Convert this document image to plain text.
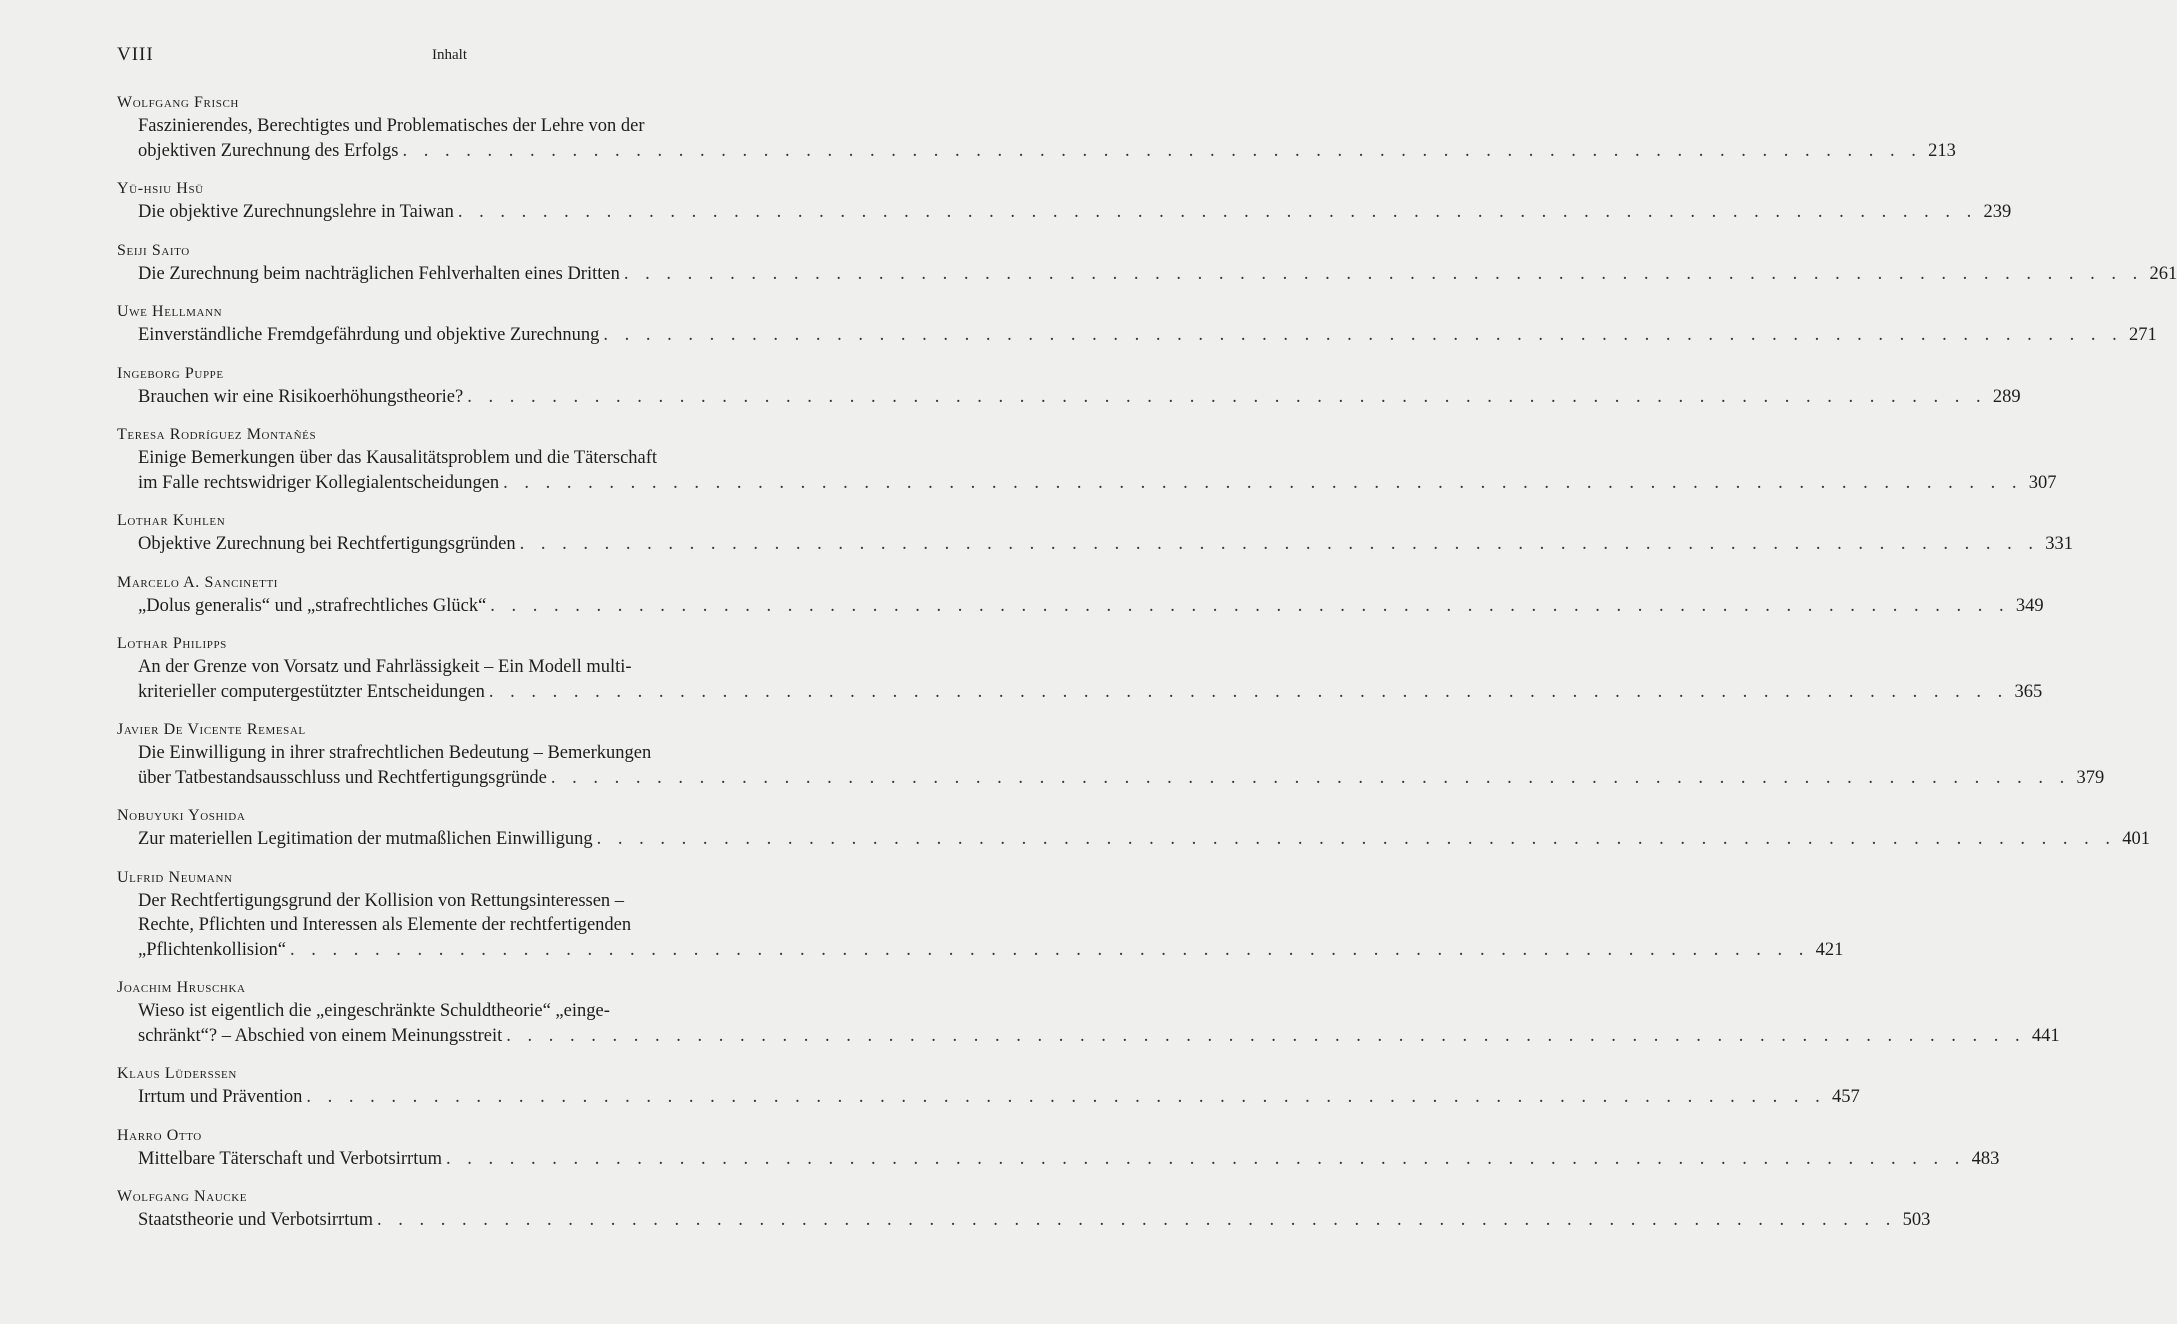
VIII	Inhalt
Wolfgang Frisch
Faszinierendes, Berechtigtes und Problematisches der Lehre von der
objektiven Zurechnung des Erfolgs . . . . . . . . . . . . . . . . . . . . . . . . . . . . . . . . . . . . . . . . . . . . . . . . . . . . . . . . . . . . . . . . . . . . . . . . 213
Yü-hsiu Hsü
Die objektive Zurechnungslehre in Taiwan . . . . . . . . . . . . . . . . . . . . . . . . . . . . . . . . . . . . . . . . . . . . . . . . . . . . . . . . . . . . . . . . . . . . . . . . 239
Seiji Saito
Die Zurechnung beim nachträglichen Fehlverhalten eines Dritten . . . . . . . . . . . . . . . . . . . . . . . . . . . . . . . . . . . . . . . . . . . . . . . . . . . . . . . . . . . . . . . . . . . . . . . . 261
Uwe Hellmann
Einverständliche Fremdgefährdung und objektive Zurechnung . . . . . . . . . . . . . . . . . . . . . . . . . . . . . . . . . . . . . . . . . . . . . . . . . . . . . . . . . . . . . . . . . . . . . . . . 271
Ingeborg Puppe
Brauchen wir eine Risikoerhöhungstheorie? . . . . . . . . . . . . . . . . . . . . . . . . . . . . . . . . . . . . . . . . . . . . . . . . . . . . . . . . . . . . . . . . . . . . . . . . 289
Teresa Rodríguez Montañés
Einige Bemerkungen über das Kausalitätsproblem und die Täterschaft
im Falle rechtswidriger Kollegialentscheidungen . . . . . . . . . . . . . . . . . . . . . . . . . . . . . . . . . . . . . . . . . . . . . . . . . . . . . . . . . . . . . . . . . . . . . . . . 307
Lothar Kuhlen
Objektive Zurechnung bei Rechtfertigungsgründen . . . . . . . . . . . . . . . . . . . . . . . . . . . . . . . . . . . . . . . . . . . . . . . . . . . . . . . . . . . . . . . . . . . . . . . . 331
Marcelo A. Sancinetti
„Dolus generalis“ und „strafrechtliches Glück“ . . . . . . . . . . . . . . . . . . . . . . . . . . . . . . . . . . . . . . . . . . . . . . . . . . . . . . . . . . . . . . . . . . . . . . . . 349
Lothar Philipps
An der Grenze von Vorsatz und Fahrlässigkeit – Ein Modell multi-
kriterieller computergestützter Entscheidungen . . . . . . . . . . . . . . . . . . . . . . . . . . . . . . . . . . . . . . . . . . . . . . . . . . . . . . . . . . . . . . . . . . . . . . . . 365
Javier De Vicente Remesal
Die Einwilligung in ihrer strafrechtlichen Bedeutung – Bemerkungen
über Tatbestandsausschluss und Rechtfertigungsgründe . . . . . . . . . . . . . . . . . . . . . . . . . . . . . . . . . . . . . . . . . . . . . . . . . . . . . . . . . . . . . . . . . . . . . . . . 379
Nobuyuki Yoshida
Zur materiellen Legitimation der mutmaßlichen Einwilligung . . . . . . . . . . . . . . . . . . . . . . . . . . . . . . . . . . . . . . . . . . . . . . . . . . . . . . . . . . . . . . . . . . . . . . . . 401
Ulfrid Neumann
Der Rechtfertigungsgrund der Kollision von Rettungsinteressen –
Rechte, Pflichten und Interessen als Elemente der rechtfertigenden
„Pflichtenkollision“ . . . . . . . . . . . . . . . . . . . . . . . . . . . . . . . . . . . . . . . . . . . . . . . . . . . . . . . . . . . . . . . . . . . . . . . . 421
Joachim Hruschka
Wieso ist eigentlich die „eingeschränkte Schuldtheorie“ „einge-
schränkt“? – Abschied von einem Meinungsstreit . . . . . . . . . . . . . . . . . . . . . . . . . . . . . . . . . . . . . . . . . . . . . . . . . . . . . . . . . . . . . . . . . . . . . . . . 441
Klaus Lüderssen
Irrtum und Prävention . . . . . . . . . . . . . . . . . . . . . . . . . . . . . . . . . . . . . . . . . . . . . . . . . . . . . . . . . . . . . . . . . . . . . . . . 457
Harro Otto
Mittelbare Täterschaft und Verbotsirrtum . . . . . . . . . . . . . . . . . . . . . . . . . . . . . . . . . . . . . . . . . . . . . . . . . . . . . . . . . . . . . . . . . . . . . . . . 483
Wolfgang Naucke
Staatstheorie und Verbotsirrtum . . . . . . . . . . . . . . . . . . . . . . . . . . . . . . . . . . . . . . . . . . . . . . . . . . . . . . . . . . . . . . . . . . . . . . . . 503
